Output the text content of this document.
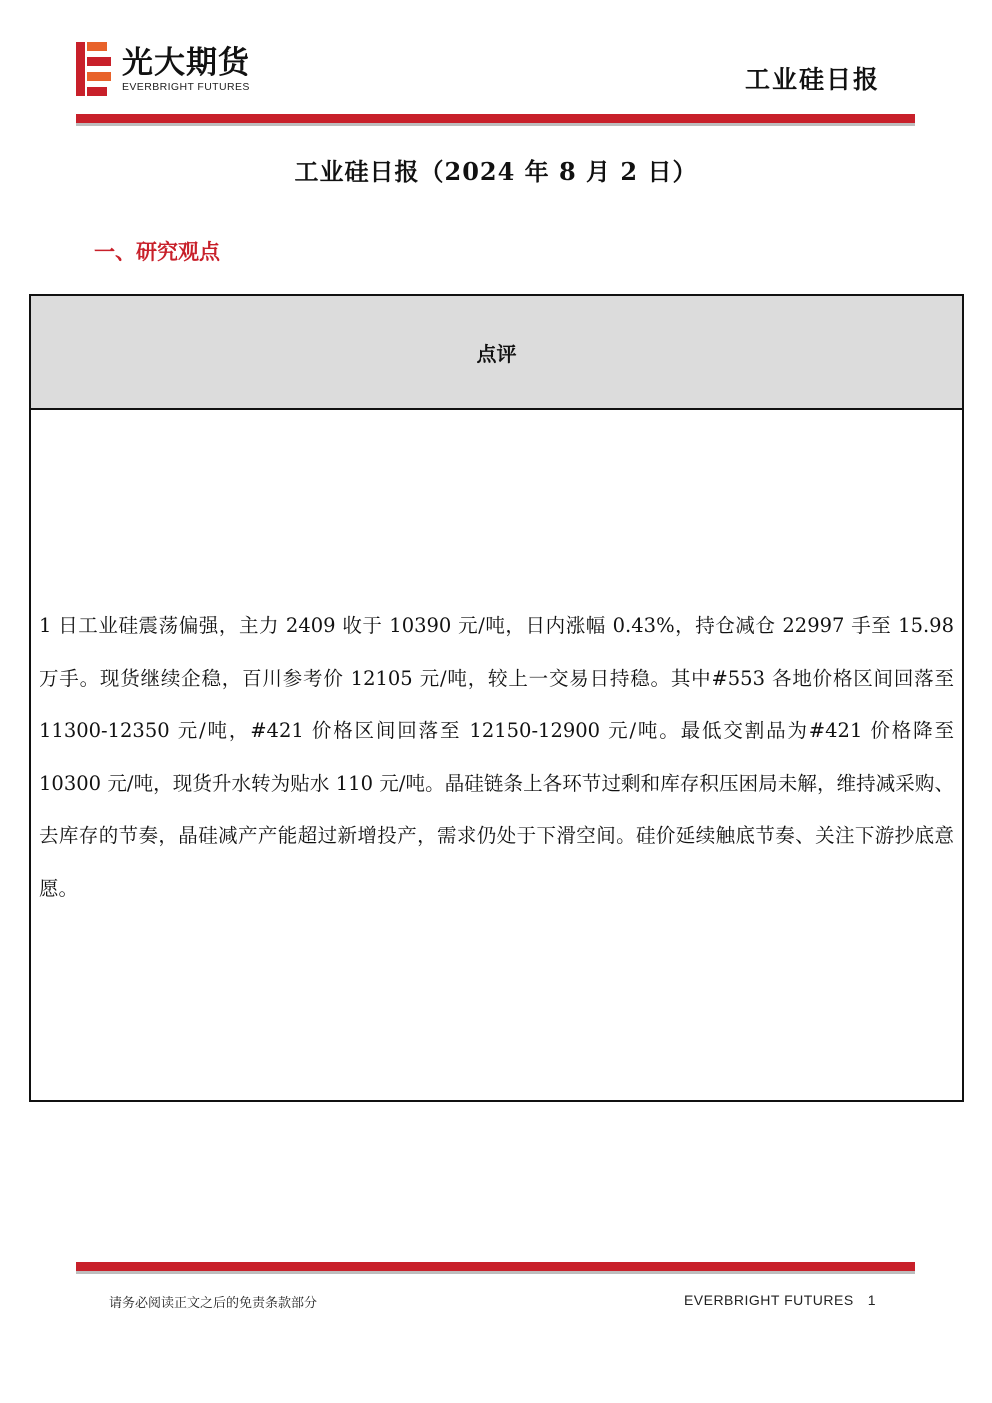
光大期货
EVERBRIGHT FUTURES	工业硅日报
工业硅日报（2024 年 8 月 2 日）
一、研究观点
点评
1 日工业硅震荡偏强，主力 2409 收于 10390 元/吨，日内涨幅 0.43%，持仓减仓 22997 手至 15.98 万手。现货继续企稳，百川参考价 12105 元/吨，较上一交易日持稳。其中#553 各地价格区间回落至 11300-12350 元/吨，#421 价格区间回落至 12150-12900 元/吨。最低交割品为#421 价格降至 10300 元/吨，现货升水转为贴水 110 元/吨。晶硅链条上各环节过剩和库存积压困局未解，维持减采购、去库存的节奏，晶硅减产产能超过新增投产，需求仍处于下滑空间。硅价延续触底节奏、关注下游抄底意愿。
请务必阅读正文之后的免责条款部分	EVERBRIGHT FUTURES 1
